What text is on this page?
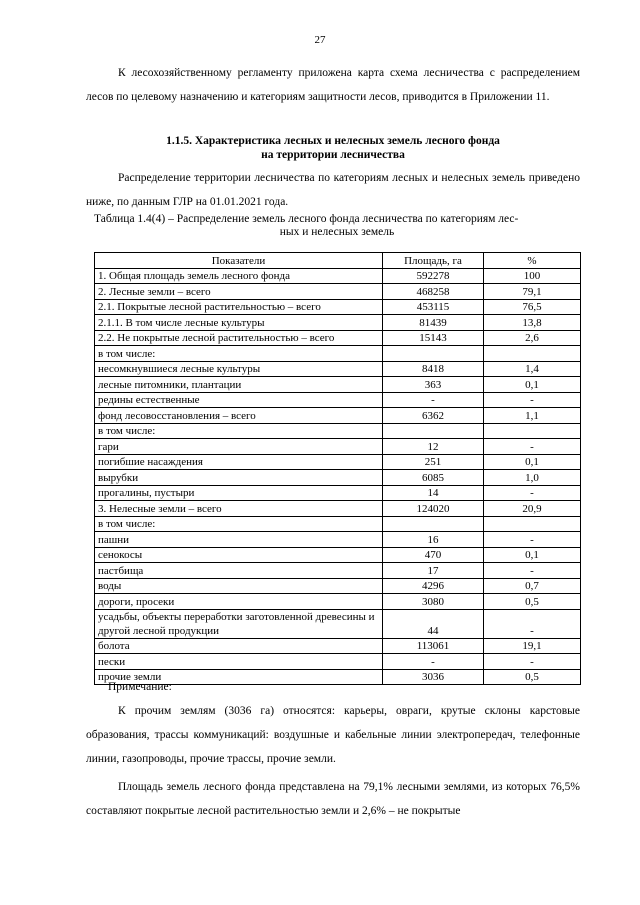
27

К лесохозяйственному регламенту приложена карта схема лесничества с распределением лесов по целевому назначению и категориям защитности лесов, приводится в Приложении 11.

1.1.5. Характеристика лесных и нелесных земель лесного фонда
на территории лесничества

Распределение территории лесничества по категориям лесных и нелесных земель приведено ниже, по данным ГЛР на 01.01.2021 года.

Таблица 1.4(4) – Распределение земель лесного фонда лесничества по категориям лес-
ных и нелесных земель
Показатели	Площадь, га	%
1. Общая площадь земель лесного фонда	592278	100
2. Лесные земли – всего	468258	79,1
2.1. Покрытые лесной растительностью – всего	453115	76,5
2.1.1. В том числе лесные культуры	81439	13,8
2.2. Не покрытые лесной растительностью – всего	15143	2,6
в том числе:		
несомкнувшиеся лесные культуры	8418	1,4
лесные питомники, плантации	363	0,1
редины естественные	-	-
фонд лесовосстановления – всего	6362	1,1
в том числе:		
гари	12	-
погибшие насаждения	251	0,1
вырубки	6085	1,0
прогалины, пустыри	14	-
3. Нелесные земли – всего	124020	20,9
в том числе:		
пашни	16	-
сенокосы	470	0,1
пастбища	17	-
воды	4296	0,7
дороги, просеки	3080	0,5
усадьбы, объекты переработки заготовленной древесины и другой лесной продукции	44	-
болота	113061	19,1
пески	-	-
прочие земли	3036	0,5
Примечание:

К прочим землям (3036 га) относятся: карьеры, овраги, крутые склоны карстовые образования, трассы коммуникаций: воздушные и кабельные линии электропередач, телефонные линии, газопроводы, прочие трассы, прочие земли.

Площадь земель лесного фонда представлена на 79,1% лесными землями, из которых 76,5% составляют покрытые лесной растительностью земли и 2,6% – не покрытые
